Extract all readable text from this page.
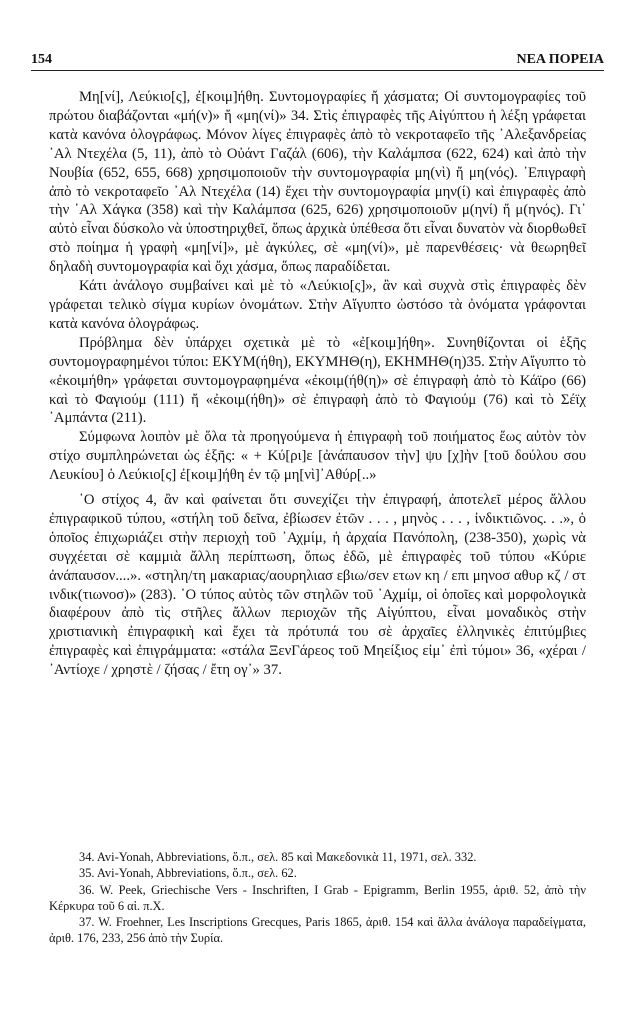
154	ΝΕΑ ΠΟΡΕΙΑ

Μη[νί], Λεύκιο[ς], ἐ[κοιμ]ήθη. Συντομογραφίες ἤ χάσματα; Οἱ συντομογραφίες τοῦ πρώτου διαβάζονται «μή(ν)» ἤ «μη(νί)» 34. Στὶς ἐπιγραφὲς τῆς Αἰγύπτου ἡ λέξη γράφεται κατὰ κανόνα ὁλογράφως. Μόνον λίγες ἐπιγραφὲς ἀπὸ τὸ νεκροταφεῖο τῆς ᾿Αλεξανδρείας ᾿Αλ Ντεχέλα (5, 11), ἀπὸ τὸ Οὐάντ Γαζάλ (606), τὴν Καλάμπσα (622, 624) καὶ ἀπὸ τὴν Νουβία (652, 655, 668) χρησιμοποιοῦν τὴν συντομογραφία μη(νὶ) ἤ μη(νός). ᾿Επιγραφὴ ἀπὸ τὸ νεκροταφεῖο ᾿Αλ Ντεχέλα (14) ἔχει τὴν συντομογραφία μην(ί) καὶ ἐπιγραφὲς ἀπὸ τὴν ᾿Αλ Χάγκα (358) καὶ τὴν Καλάμπσα (625, 626) χρησιμοποιοῦν μ(ηνί) ἤ μ(ηνός). Γι᾿ αὐτὸ εἶναι δύσκολο νὰ ὑποστηριχθεῖ, ὅπως ἀρχικὰ ὑπέθεσα ὅτι εἶναι δυνατὸν νὰ διορθωθεῖ στὸ ποίημα ἡ γραφὴ «μη[νί]», μὲ ἀγκύλες, σὲ «μη(νί)», μὲ παρενθέσεις· νὰ θεωρηθεῖ δηλαδὴ συντομογραφία καὶ ὄχι χάσμα, ὅπως παραδίδεται.

Κάτι ἀνάλογο συμβαίνει καὶ μὲ τὸ «Λεύκιο[ς]», ἂν καὶ συχνὰ στὶς ἐπιγραφὲς δὲν γράφεται τελικὸ σίγμα κυρίων ὀνομάτων. Στὴν Αἴγυπτο ὡστόσο τὰ ὀνόματα γράφονται κατὰ κανόνα ὁλογράφως.

Πρόβλημα δὲν ὑπάρχει σχετικὰ μὲ τὸ «ἐ[κοιμ]ήθη». Συνηθίζονται οἱ ἑξῆς συντομογραφημένοι τύποι: ΕΚΥΜ(ήθη), ΕΚΥΜΗΘ(η), ΕΚΗΜΗΘ(η)35. Στὴν Αἴγυπτο τὸ «ἐκοιμήθη» γράφεται συντομογραφημένα «ἐκοιμ(ήθ(η)» σὲ ἐπιγραφὴ ἀπὸ τὸ Κάϊρο (66) καὶ τὸ Φαγιούμ (111) ἤ «ἐκοιμ(ήθη)» σὲ ἐπιγραφὴ ἀπὸ τὸ Φαγιούμ (76) καὶ τὸ Σέϊχ ᾿Αμπάντα (211).

Σύμφωνα λοιπὸν μὲ ὅλα τὰ προηγούμενα ἡ ἐπιγραφὴ τοῦ ποιήματος ἕως αὐτὸν τὸν στίχο συμπληρώνεται ὡς ἑξῆς: « + Κύ[ρι]ε [ἀνάπαυσον τὴν] ψυ [χ]ὴν [τοῦ δούλου σου Λευκίου] ὁ Λεύκιο[ς] ἐ[κοιμ]ήθη ἐν τῷ μη[νὶ]᾿Αθύρ[..»

῾Ο στίχος 4, ἂν καὶ φαίνεται ὅτι συνεχίζει τὴν ἐπιγραφή, ἀποτελεῖ μέρος ἄλλου ἐπιγραφικοῦ τύπου, «στήλη τοῦ δεῖνα, ἐβίωσεν ἐτῶν . . . , μηνὸς . . . , ἰνδικτιῶνος. . .», ὁ ὁποῖος ἐπιχωριάζει στὴν περιοχὴ τοῦ ᾿Αχμίμ, ἡ ἀρχαία Πανόπολη, (238-350), χωρὶς νὰ συγχέεται σὲ καμμιὰ ἄλλη περίπτωση, ὅπως ἐδῶ, μὲ ἐπιγραφὲς τοῦ τύπου «Κύριε ἀνάπαυσον....». «στηλη/τη μακαριας/αουρηλιασ εβιω/σεν ετων κη / επι μηνοσ αθυρ κζ / στ ινδικ(τιωνοσ)» (283). ῾Ο τύπος αὐτὸς τῶν στηλῶν τοῦ ᾿Αχμίμ, οἱ ὁποῖες καὶ μορφολογικὰ διαφέρουν ἀπὸ τὶς στῆλες ἄλλων περιοχῶν τῆς Αἰγύπτου, εἶναι μοναδικὸς στὴν χριστιανικὴ ἐπιγραφικὴ καὶ ἔχει τὰ πρότυπά του σὲ ἀρχαῖες ἑλληνικὲς ἐπιτύμβιες ἐπιγραφὲς καὶ ἐπιγράμματα: «στάλα ΞενΓάρεος τοῦ Μηείξιος εἰμ᾿ ἐπὶ τύμοι» 36, «χέραι / ᾿Αντίοχε / χρηστὲ / ζήσας / ἔτη ογ᾿» 37.

34. Avi-Yonah, Abbreviations, ὅ.π., σελ. 85 καὶ Μακεδονικὰ 11, 1971, σελ. 332.

35. Avi-Yonah, Abbreviations, ὅ.π., σελ. 62.

36. W. Peek, Griechische Vers - Inschriften, I Grab - Epigramm, Berlin 1955, ἀριθ. 52, ἀπὸ τὴν Κέρκυρα τοῦ 6 αἰ. π.Χ.

37. W. Froehner, Les Inscriptions Grecques, Paris 1865, ἀριθ. 154 καὶ ἄλλα ἀνάλογα παραδείγματα, ἀριθ. 176, 233, 256 ἀπὸ τὴν Συρία.
